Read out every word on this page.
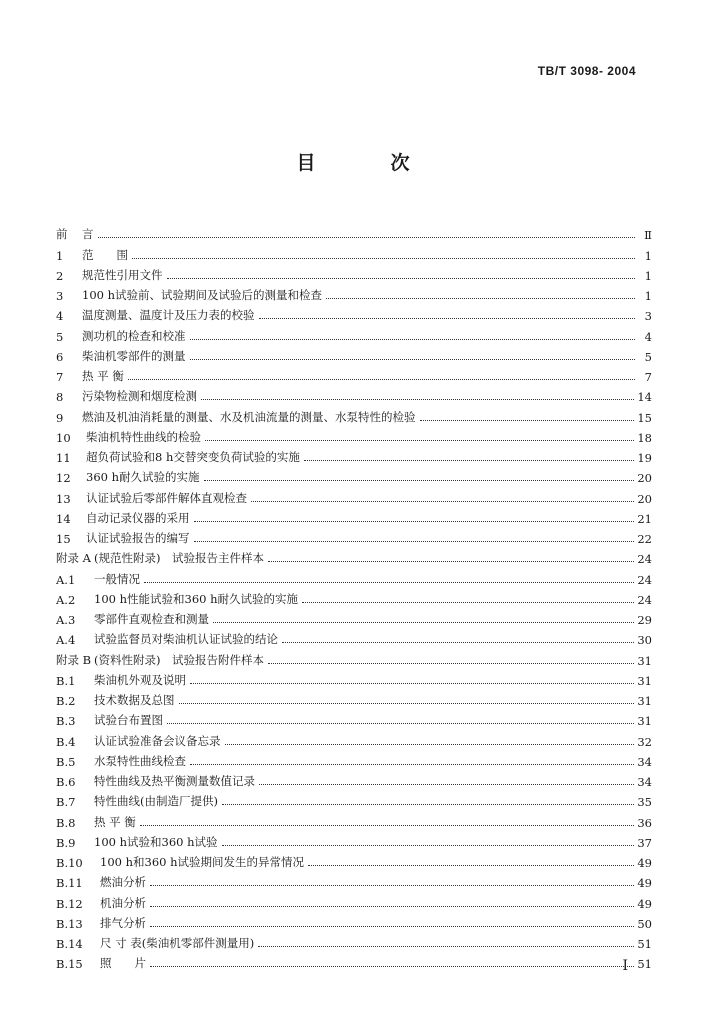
TB/T 3098- 2004
目　次
前	言	Ⅱ
1	范　　围	1
2	规范性引用文件	1
3	100 h试验前、试验期间及试验后的测量和检查	1
4	温度测量、温度计及压力表的校验	3
5	测功机的检查和校准	4
6	柴油机零部件的测量	5
7	热 平 衡	7
8	污染物检测和烟度检测	14
9	燃油及机油消耗量的测量、水及机油流量的测量、水泵特性的检验	15
10	柴油机特性曲线的检验	18
11	超负荷试验和8 h交替突变负荷试验的实施	19
12	360 h耐久试验的实施	20
13	认证试验后零部件解体直观检查	20
14	自动记录仪器的采用	21
15	认证试验报告的编写	22
附录 A (规范性附录)　试验报告主件样本	24
A.1	一般情况	24
A.2	100 h性能试验和360 h耐久试验的实施	24
A.3	零部件直观检查和测量	29
A.4	试验监督员对柴油机认证试验的结论	30
附录 B (资料性附录)　试验报告附件样本	31
B.1	柴油机外观及说明	31
B.2	技术数据及总图	31
B.3	试验台布置图	31
B.4	认证试验准备会议备忘录	32
B.5	水泵特性曲线检查	34
B.6	特性曲线及热平衡测量数值记录	34
B.7	特性曲线(由制造厂提供)	35
B.8	热 平 衡	36
B.9	100 h试验和360 h试验	37
B.10	100 h和360 h试验期间发生的异常情况	49
B.11	燃油分析	49
B.12	机油分析	49
B.13	排气分析	50
B.14	尺 寸 表(柴油机零部件测量用)	51
B.15	照　　片	51
Ⅰ
